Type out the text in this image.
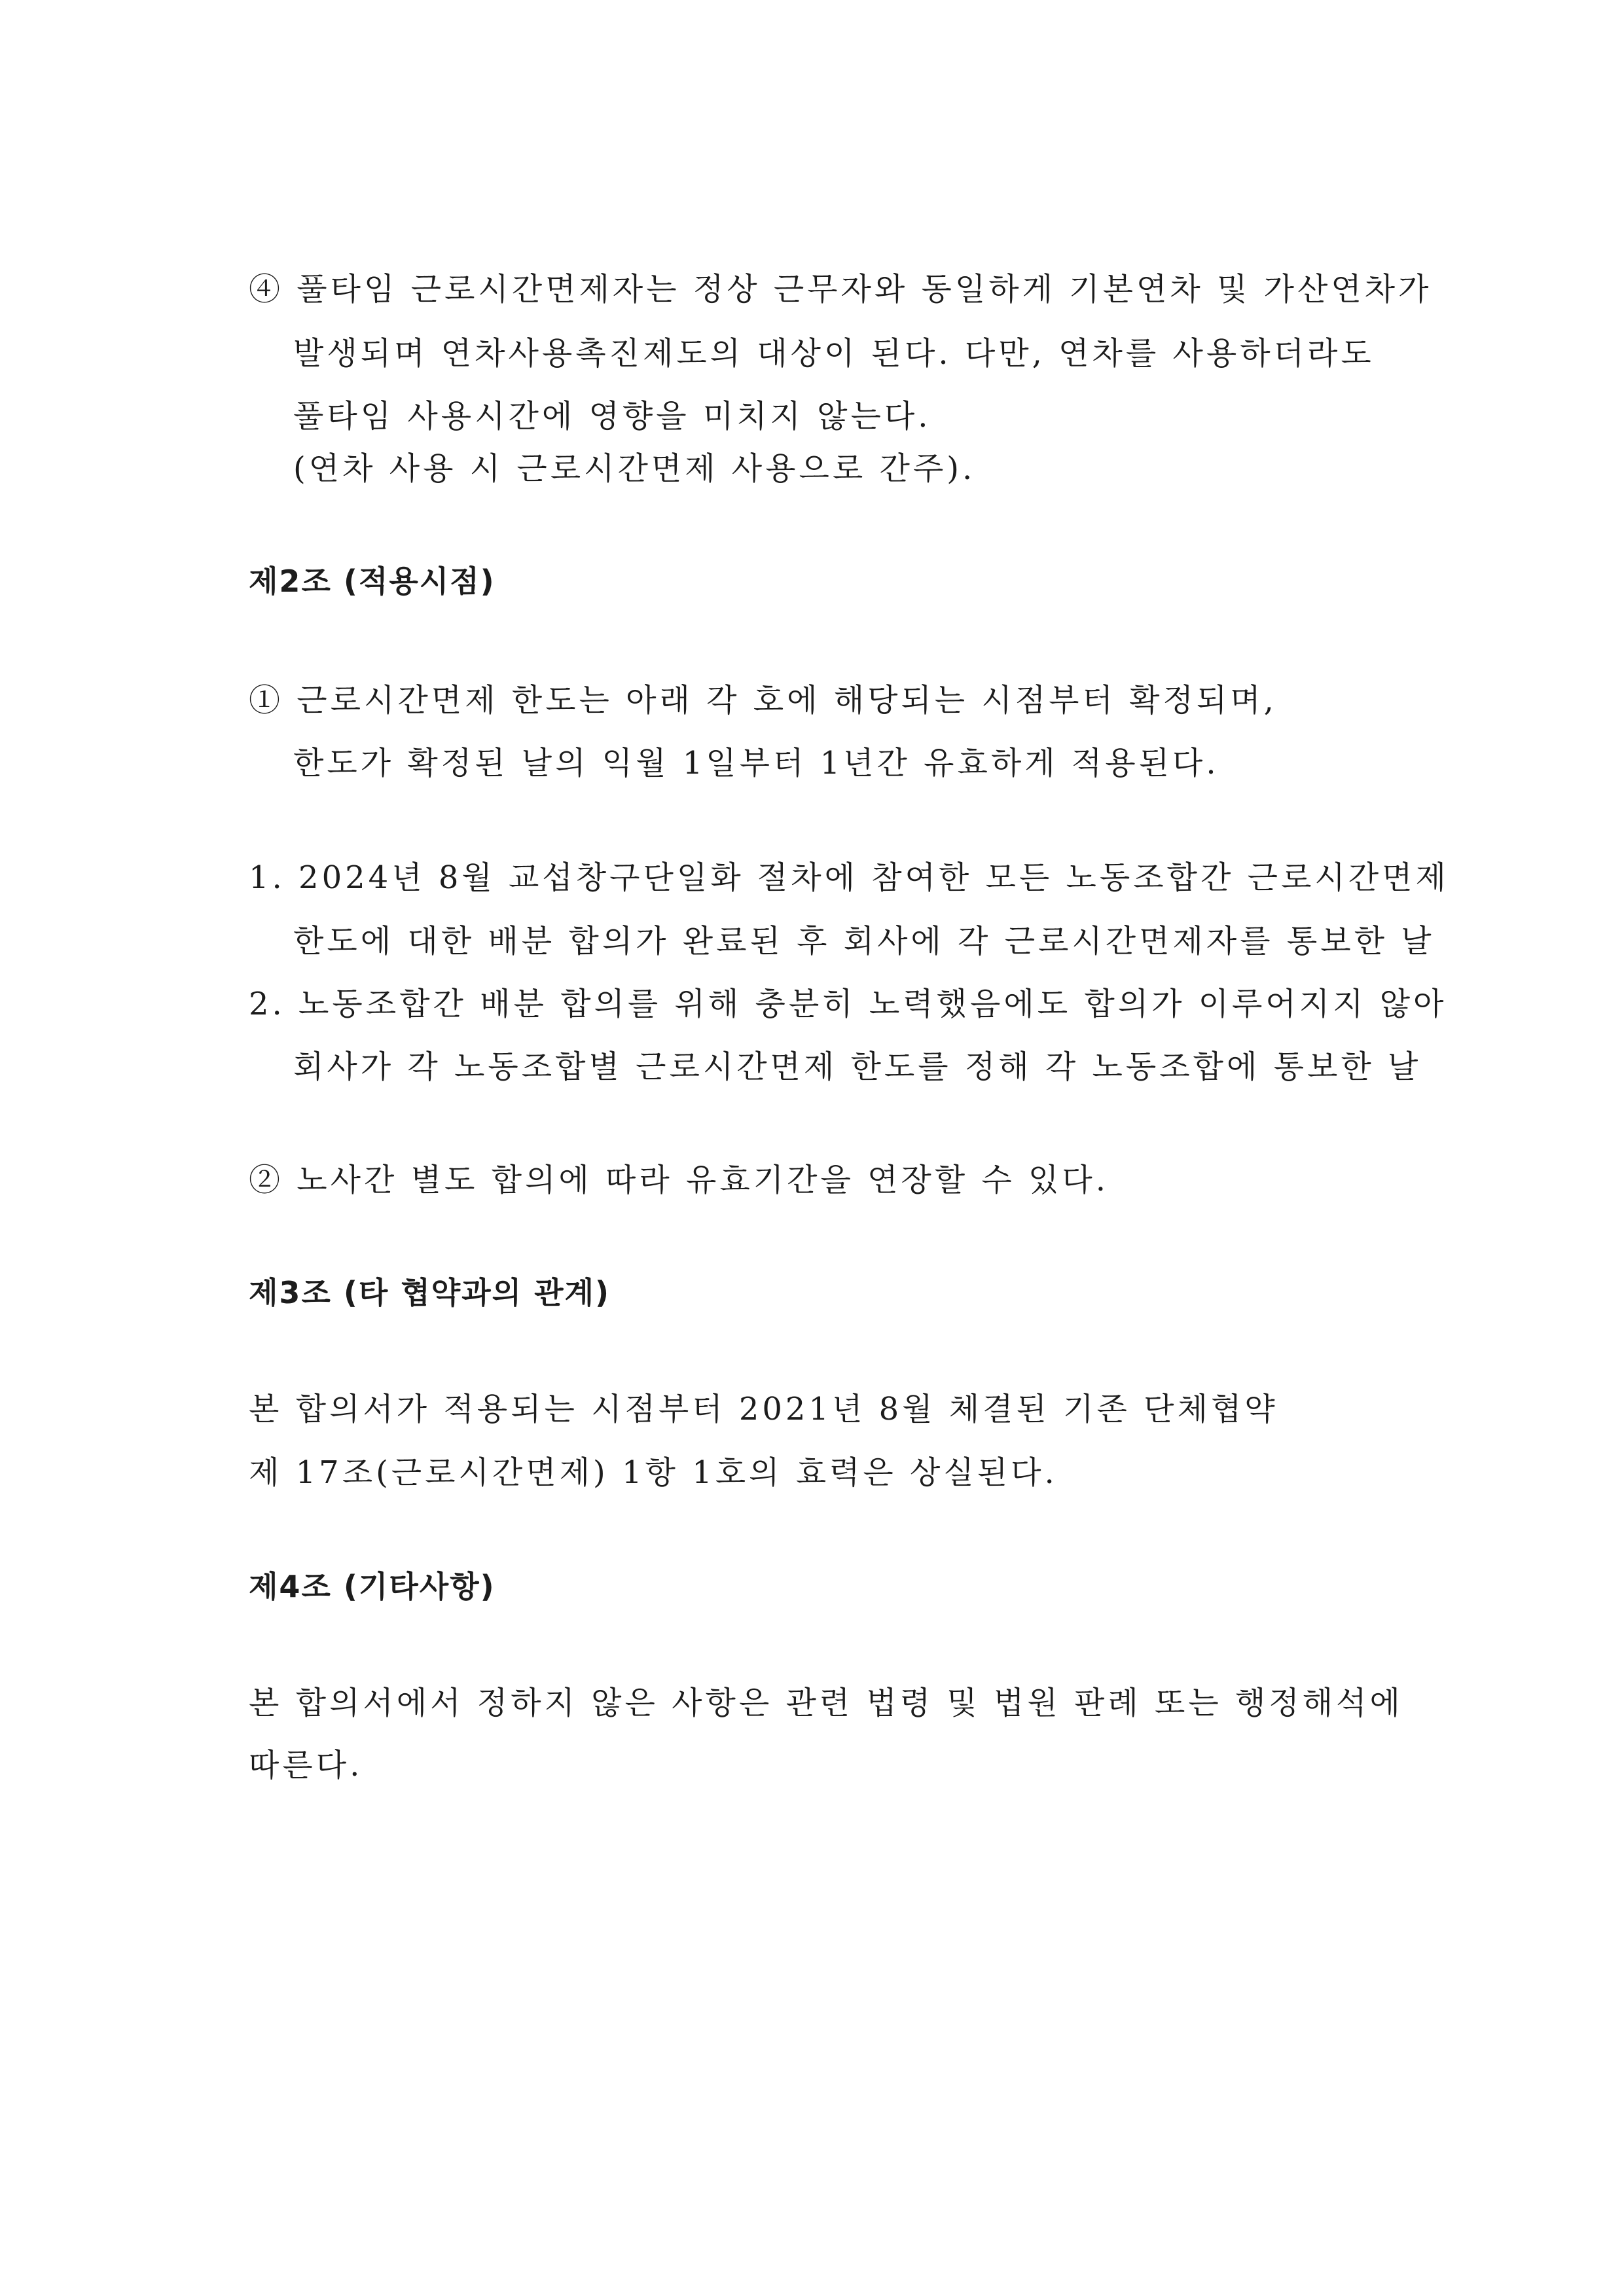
④ 풀타임 근로시간면제자는 정상 근무자와 동일하게 기본연차 및 가산연차가
발생되며 연차사용촉진제도의 대상이 된다. 다만, 연차를 사용하더라도
풀타임 사용시간에 영향을 미치지 않는다.
(연차 사용 시 근로시간면제 사용으로 간주).
제2조 (적용시점)
① 근로시간면제 한도는 아래 각 호에 해당되는 시점부터 확정되며,
한도가 확정된 날의 익월 1일부터 1년간 유효하게 적용된다.
1. 2024년 8월 교섭창구단일화 절차에 참여한 모든 노동조합간 근로시간면제
한도에 대한 배분 합의가 완료된 후 회사에 각 근로시간면제자를 통보한 날
2. 노동조합간 배분 합의를 위해 충분히 노력했음에도 합의가 이루어지지 않아
회사가 각 노동조합별 근로시간면제 한도를 정해 각 노동조합에 통보한 날
② 노사간 별도 합의에 따라 유효기간을 연장할 수 있다.
제3조 (타 협약과의 관계)
본 합의서가 적용되는 시점부터 2021년 8월 체결된 기존 단체협약
제 17조(근로시간면제) 1항 1호의 효력은 상실된다.
제4조 (기타사항)
본 합의서에서 정하지 않은 사항은 관련 법령 및 법원 판례 또는 행정해석에
따른다.
